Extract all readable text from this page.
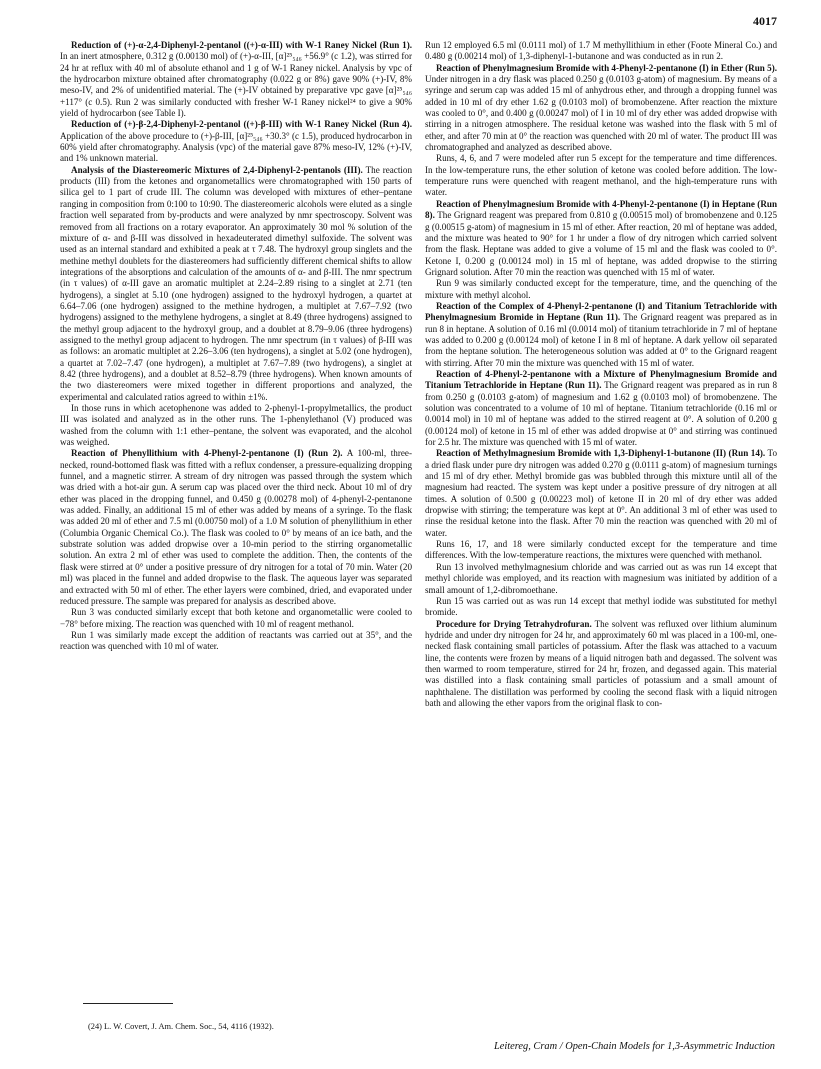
4017

Reduction of (+)-α-2,4-Diphenyl-2-pentanol ((+)-α-III) with W-1 Raney Nickel (Run 1). In an inert atmosphere, 0.312 g (0.00130 mol) of (+)-α-III, [α]²⁵₅₄₆ +56.9° (c 1.2), was stirred for 24 hr at reflux with 40 ml of absolute ethanol and 1 g of W-1 Raney nickel. Analysis by vpc of the hydrocarbon mixture obtained after chromatography (0.022 g or 8%) gave 90% (+)-IV, 8% meso-IV, and 2% of unidentified material. The (+)-IV obtained by preparative vpc gave [α]²⁵₅₄₆ +117° (c 0.5). Run 2 was similarly conducted with fresher W-1 Raney nickel²⁴ to give a 90% yield of hydrocarbon (see Table I).

Reduction of (+)-β-2,4-Diphenyl-2-pentanol ((+)-β-III) with W-1 Raney Nickel (Run 4). Application of the above procedure to (+)-β-III, [α]²⁵₅₄₆ +30.3° (c 1.5), produced hydrocarbon in 60% yield after chromatography. Analysis (vpc) of the material gave 87% meso-IV, 12% (+)-IV, and 1% unknown material.

Analysis of the Diastereomeric Mixtures of 2,4-Diphenyl-2-pentanols (III). The reaction products (III) from the ketones and organometallics were chromatographed with 150 parts of silica gel to 1 part of crude III. The column was developed with mixtures of ether–pentane ranging in composition from 0:100 to 10:90. The diastereomeric alcohols were eluted as a single fraction well separated from by-products and were analyzed by nmr spectroscopy. Solvent was removed from all fractions on a rotary evaporator. An approximately 30 mol % solution of the mixture of α- and β-III was dissolved in hexadeuterated dimethyl sulfoxide. The solvent was used as an internal standard and exhibited a peak at τ 7.48. The hydroxyl group singlets and the methine methyl doublets for the diastereomers had sufficiently different chemical shifts to allow integrations of the absorptions and calculation of the amounts of α- and β-III. The nmr spectrum (in τ values) of α-III gave an aromatic multiplet at 2.24–2.89 rising to a singlet at 2.71 (ten hydrogens), a singlet at 5.10 (one hydrogen) assigned to the hydroxyl hydrogen, a quartet at 6.64–7.06 (one hydrogen) assigned to the methine hydrogen, a multiplet at 7.67–7.92 (two hydrogens) assigned to the methylene hydrogens, a singlet at 8.49 (three hydrogens) assigned to the methyl group adjacent to the hydroxyl group, and a doublet at 8.79–9.06 (three hydrogens) assigned to the methyl group adjacent to hydrogen. The nmr spectrum (in τ values) of β-III was as follows: an aromatic multiplet at 2.26–3.06 (ten hydrogens), a singlet at 5.02 (one hydrogen), a quartet at 7.02–7.47 (one hydrogen), a multiplet at 7.67–7.89 (two hydrogens), a singlet at 8.42 (three hydrogens), and a doublet at 8.52–8.79 (three hydrogens). When known amounts of the two diastereomers were mixed together in different proportions and analyzed, the experimental and calculated ratios agreed to within ±1%.

In those runs in which acetophenone was added to 2-phenyl-1-propylmetallics, the product III was isolated and analyzed as in the other runs. The 1-phenylethanol (V) produced was washed from the column with 1:1 ether–pentane, the solvent was evaporated, and the alcohol was weighed.

Reaction of Phenyllithium with 4-Phenyl-2-pentanone (I) (Run 2). A 100-ml, three-necked, round-bottomed flask was fitted with a reflux condenser, a pressure-equalizing dropping funnel, and a magnetic stirrer. A stream of dry nitrogen was passed through the system which was dried with a hot-air gun. A serum cap was placed over the third neck. About 10 ml of dry ether was placed in the dropping funnel, and 0.450 g (0.00278 mol) of 4-phenyl-2-pentanone was added. Finally, an additional 15 ml of ether was added by means of a syringe. To the flask was added 20 ml of ether and 7.5 ml (0.00750 mol) of a 1.0 M solution of phenyllithium in ether (Columbia Organic Chemical Co.). The flask was cooled to 0° by means of an ice bath, and the substrate solution was added dropwise over a 10-min period to the stirring organometallic solution. An extra 2 ml of ether was used to complete the addition. Then, the contents of the flask were stirred at 0° under a positive pressure of dry nitrogen for a total of 70 min. Water (20 ml) was placed in the funnel and added dropwise to the flask. The aqueous layer was separated and extracted with 50 ml of ether. The ether layers were combined, dried, and evaporated under reduced pressure. The sample was prepared for analysis as described above.

Run 3 was conducted similarly except that both ketone and organometallic were cooled to −78° before mixing. The reaction was quenched with 10 ml of reagent methanol.

Run 1 was similarly made except the addition of reactants was carried out at 35°, and the reaction was quenched with 10 ml of water.

Run 12 employed 6.5 ml (0.0111 mol) of 1.7 M methyllithium in ether (Foote Mineral Co.) and 0.480 g (0.00214 mol) of 1,3-diphenyl-1-butanone and was conducted as in run 2.

Reaction of Phenylmagnesium Bromide with 4-Phenyl-2-pentanone (I) in Ether (Run 5). Under nitrogen in a dry flask was placed 0.250 g (0.0103 g-atom) of magnesium. By means of a syringe and serum cap was added 15 ml of anhydrous ether, and through a dropping funnel was added in 10 ml of dry ether 1.62 g (0.0103 mol) of bromobenzene. After reaction the mixture was cooled to 0°, and 0.400 g (0.00247 mol) of I in 10 ml of dry ether was added dropwise with stirring in a nitrogen atmosphere. The residual ketone was washed into the flask with 5 ml of ether, and after 70 min at 0° the reaction was quenched with 20 ml of water. The product III was chromatographed and analyzed as described above.

Runs, 4, 6, and 7 were modeled after run 5 except for the temperature and time differences. In the low-temperature runs, the ether solution of ketone was cooled before addition. The low-temperature runs were quenched with reagent methanol, and the high-temperature runs with water.

Reaction of Phenylmagnesium Bromide with 4-Phenyl-2-pentanone (I) in Heptane (Run 8). The Grignard reagent was prepared from 0.810 g (0.00515 mol) of bromobenzene and 0.125 g (0.00515 g-atom) of magnesium in 15 ml of ether. After reaction, 20 ml of heptane was added, and the mixture was heated to 90° for 1 hr under a flow of dry nitrogen which carried solvent from the flask. Heptane was added to give a volume of 15 ml and the flask was cooled to 0°. Ketone I, 0.200 g (0.00124 mol) in 15 ml of heptane, was added dropwise to the stirring Grignard solution. After 70 min the reaction was quenched with 15 ml of water.

Run 9 was similarly conducted except for the temperature, time, and the quenching of the mixture with methyl alcohol.

Reaction of the Complex of 4-Phenyl-2-pentanone (I) and Titanium Tetrachloride with Phenylmagnesium Bromide in Heptane (Run 11). The Grignard reagent was prepared as in run 8 in heptane. A solution of 0.16 ml (0.0014 mol) of titanium tetrachloride in 7 ml of heptane was added to 0.200 g (0.00124 mol) of ketone I in 8 ml of heptane. A dark yellow oil separated from the heptane solution. The heterogeneous solution was added at 0° to the Grignard reagent with stirring. After 70 min the mixture was quenched with 15 ml of water.

Reaction of 4-Phenyl-2-pentanone with a Mixture of Phenylmagnesium Bromide and Titanium Tetrachloride in Heptane (Run 11). The Grignard reagent was prepared as in run 8 from 0.250 g (0.0103 g-atom) of magnesium and 1.62 g (0.0103 mol) of bromobenzene. The solution was concentrated to a volume of 10 ml of heptane. Titanium tetrachloride (0.16 ml or 0.0014 mol) in 10 ml of heptane was added to the stirred reagent at 0°. A solution of 0.200 g (0.00124 mol) of ketone in 15 ml of ether was added dropwise at 0° and stirring was continued for 2.5 hr. The mixture was quenched with 15 ml of water.

Reaction of Methylmagnesium Bromide with 1,3-Diphenyl-1-butanone (II) (Run 14). To a dried flask under pure dry nitrogen was added 0.270 g (0.0111 g-atom) of magnesium turnings and 15 ml of dry ether. Methyl bromide gas was bubbled through this mixture until all of the magnesium had reacted. The system was kept under a positive pressure of dry nitrogen at all times. A solution of 0.500 g (0.00223 mol) of ketone II in 20 ml of dry ether was added dropwise with stirring; the temperature was kept at 0°. An additional 3 ml of ether was used to rinse the residual ketone into the flask. After 70 min the reaction was quenched with 20 ml of water.

Runs 16, 17, and 18 were similarly conducted except for the temperature and time differences. With the low-temperature reactions, the mixtures were quenched with methanol.

Run 13 involved methylmagnesium chloride and was carried out as was run 14 except that methyl chloride was employed, and its reaction with magnesium was initiated by addition of a small amount of 1,2-dibromoethane.

Run 15 was carried out as was run 14 except that methyl iodide was substituted for methyl bromide.

Procedure for Drying Tetrahydrofuran. The solvent was refluxed over lithium aluminum hydride and under dry nitrogen for 24 hr, and approximately 60 ml was placed in a 100-ml, one-necked flask containing small particles of potassium. After the flask was attached to a vacuum line, the contents were frozen by means of a liquid nitrogen bath and degassed. The solvent was then warmed to room temperature, stirred for 24 hr, frozen, and degassed again. This material was distilled into a flask containing small particles of potassium and a small amount of naphthalene. The distillation was performed by cooling the second flask with a liquid nitrogen bath and allowing the ether vapors from the original flask to con-

(24) L. W. Covert, J. Am. Chem. Soc., 54, 4116 (1932).
Leitereg, Cram / Open-Chain Models for 1,3-Asymmetric Induction
